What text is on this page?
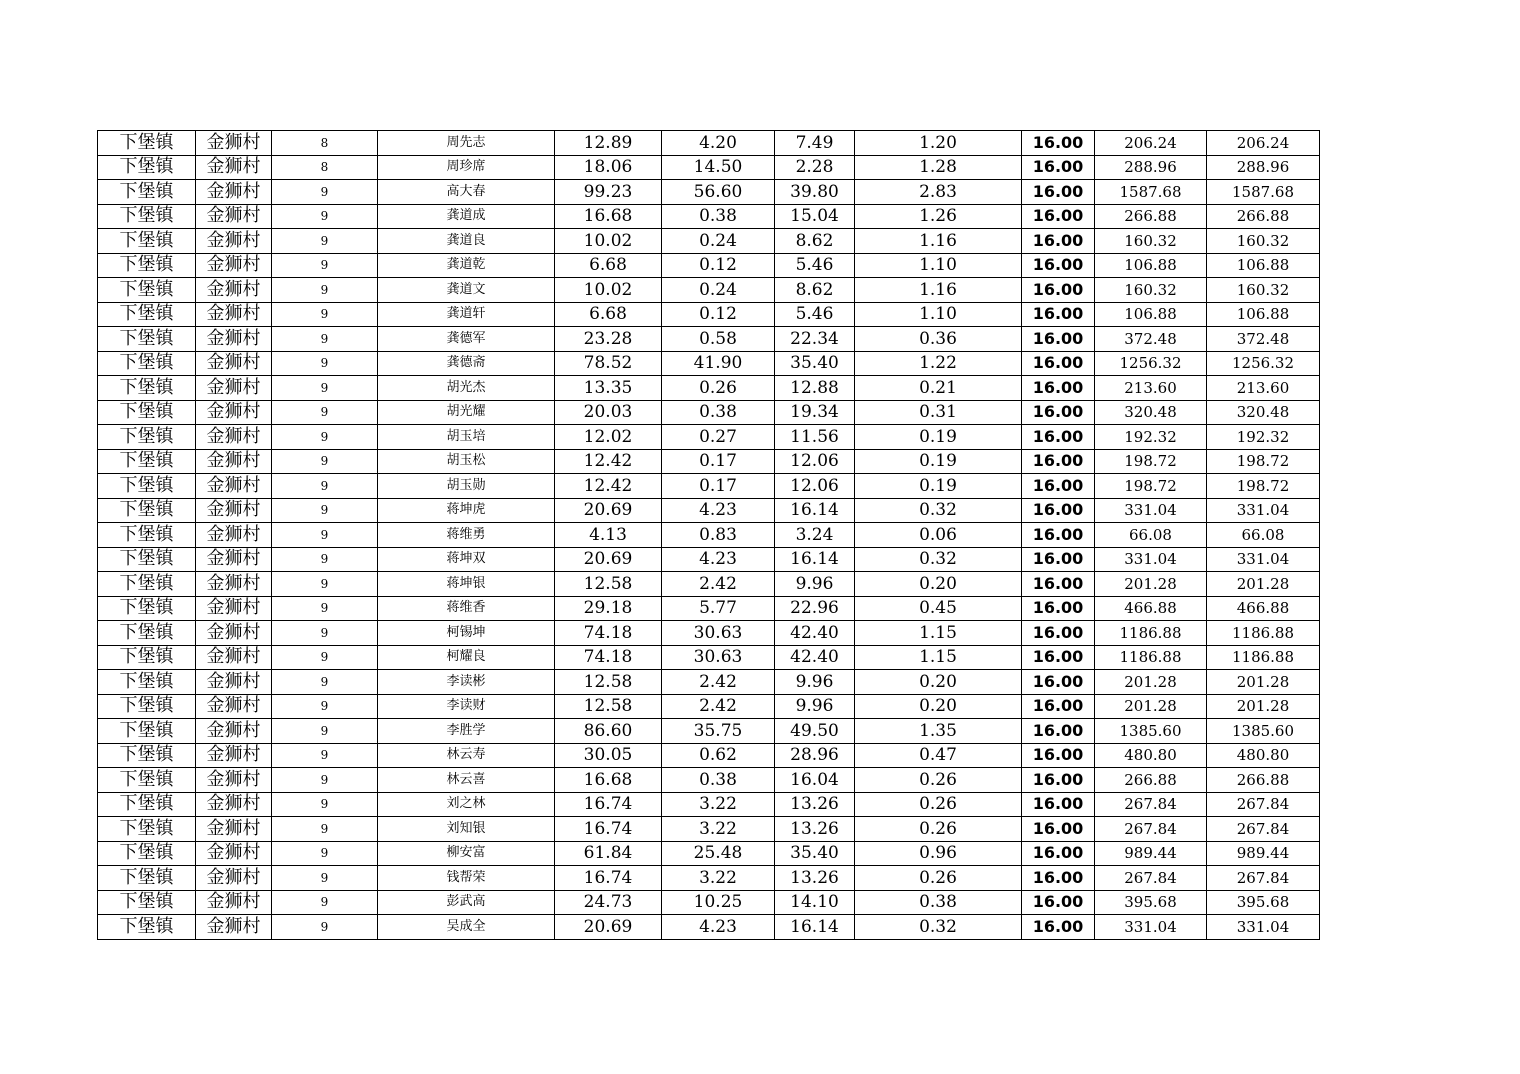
下堡镇	金狮村	8	周先志	12.89	4.20	7.49	1.20	16.00	206.24	206.24
下堡镇	金狮村	8	周珍席	18.06	14.50	2.28	1.28	16.00	288.96	288.96
下堡镇	金狮村	9	高大春	99.23	56.60	39.80	2.83	16.00	1587.68	1587.68
下堡镇	金狮村	9	龚道成	16.68	0.38	15.04	1.26	16.00	266.88	266.88
下堡镇	金狮村	9	龚道良	10.02	0.24	8.62	1.16	16.00	160.32	160.32
下堡镇	金狮村	9	龚道乾	6.68	0.12	5.46	1.10	16.00	106.88	106.88
下堡镇	金狮村	9	龚道文	10.02	0.24	8.62	1.16	16.00	160.32	160.32
下堡镇	金狮村	9	龚道轩	6.68	0.12	5.46	1.10	16.00	106.88	106.88
下堡镇	金狮村	9	龚德军	23.28	0.58	22.34	0.36	16.00	372.48	372.48
下堡镇	金狮村	9	龚德斋	78.52	41.90	35.40	1.22	16.00	1256.32	1256.32
下堡镇	金狮村	9	胡光杰	13.35	0.26	12.88	0.21	16.00	213.60	213.60
下堡镇	金狮村	9	胡光耀	20.03	0.38	19.34	0.31	16.00	320.48	320.48
下堡镇	金狮村	9	胡玉培	12.02	0.27	11.56	0.19	16.00	192.32	192.32
下堡镇	金狮村	9	胡玉松	12.42	0.17	12.06	0.19	16.00	198.72	198.72
下堡镇	金狮村	9	胡玉勋	12.42	0.17	12.06	0.19	16.00	198.72	198.72
下堡镇	金狮村	9	蒋坤虎	20.69	4.23	16.14	0.32	16.00	331.04	331.04
下堡镇	金狮村	9	蒋维勇	4.13	0.83	3.24	0.06	16.00	66.08	66.08
下堡镇	金狮村	9	蒋坤双	20.69	4.23	16.14	0.32	16.00	331.04	331.04
下堡镇	金狮村	9	蒋坤银	12.58	2.42	9.96	0.20	16.00	201.28	201.28
下堡镇	金狮村	9	蒋维香	29.18	5.77	22.96	0.45	16.00	466.88	466.88
下堡镇	金狮村	9	柯锡坤	74.18	30.63	42.40	1.15	16.00	1186.88	1186.88
下堡镇	金狮村	9	柯耀良	74.18	30.63	42.40	1.15	16.00	1186.88	1186.88
下堡镇	金狮村	9	李读彬	12.58	2.42	9.96	0.20	16.00	201.28	201.28
下堡镇	金狮村	9	李读财	12.58	2.42	9.96	0.20	16.00	201.28	201.28
下堡镇	金狮村	9	李胜学	86.60	35.75	49.50	1.35	16.00	1385.60	1385.60
下堡镇	金狮村	9	林云寿	30.05	0.62	28.96	0.47	16.00	480.80	480.80
下堡镇	金狮村	9	林云喜	16.68	0.38	16.04	0.26	16.00	266.88	266.88
下堡镇	金狮村	9	刘之林	16.74	3.22	13.26	0.26	16.00	267.84	267.84
下堡镇	金狮村	9	刘知银	16.74	3.22	13.26	0.26	16.00	267.84	267.84
下堡镇	金狮村	9	柳安富	61.84	25.48	35.40	0.96	16.00	989.44	989.44
下堡镇	金狮村	9	钱帮荣	16.74	3.22	13.26	0.26	16.00	267.84	267.84
下堡镇	金狮村	9	彭武高	24.73	10.25	14.10	0.38	16.00	395.68	395.68
下堡镇	金狮村	9	吴成全	20.69	4.23	16.14	0.32	16.00	331.04	331.04
